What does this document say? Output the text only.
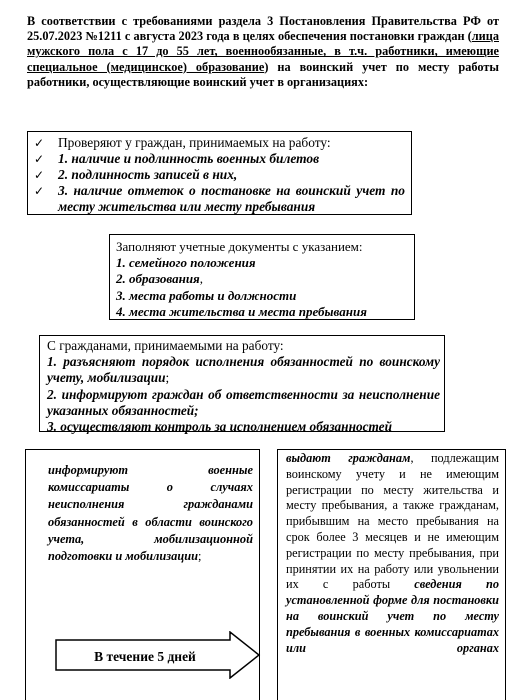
В соответствии с требованиями раздела 3 Постановления Правительства РФ от 25.07.2023 №1211 с августа 2023 года в целях обеспечения постановки граждан (лица мужского пола с 17 до 55 лет, военнообязанные, в т.ч. работники, имеющие специальное (медицинское) образование) на воинский учет по месту работы работники, осуществляющие воинский учет в организациях:
✓ Проверяют у граждан, принимаемых на работу:
✓ 1. наличие и подлинность военных билетов
✓ 2. подлинность записей в них,
✓ 3. наличие отметок о постановке на воинский учет по месту жительства или месту пребывания
Заполняют учетные документы с указанием:
1. семейного положения
2. образования,
3. места работы и должности
4. места жительства и места пребывания
С гражданами, принимаемыми на работу:
1. разъясняют порядок исполнения обязанностей по воинскому учету, мобилизации;
2. информируют граждан об ответственности за неисполнение указанных обязанностей;
3. осуществляют контроль за исполнением обязанностей
информируют военные комиссариаты о случаях неисполнения гражданами обязанностей в области воинского учета, мобилизационной подготовки и мобилизации;
В течение 5 дней
выдают гражданам, подлежащим воинскому учету и не имеющим регистрации по месту жительства и месту пребывания, а также гражданам, прибывшим на место пребывания на срок более 3 месяцев и не имеющим регистрации по месту пребывания, при принятии их на работу или увольнении их с работы сведения по установленной форме для постановки на воинский учет по месту пребывания в военных комиссариатах или органах
